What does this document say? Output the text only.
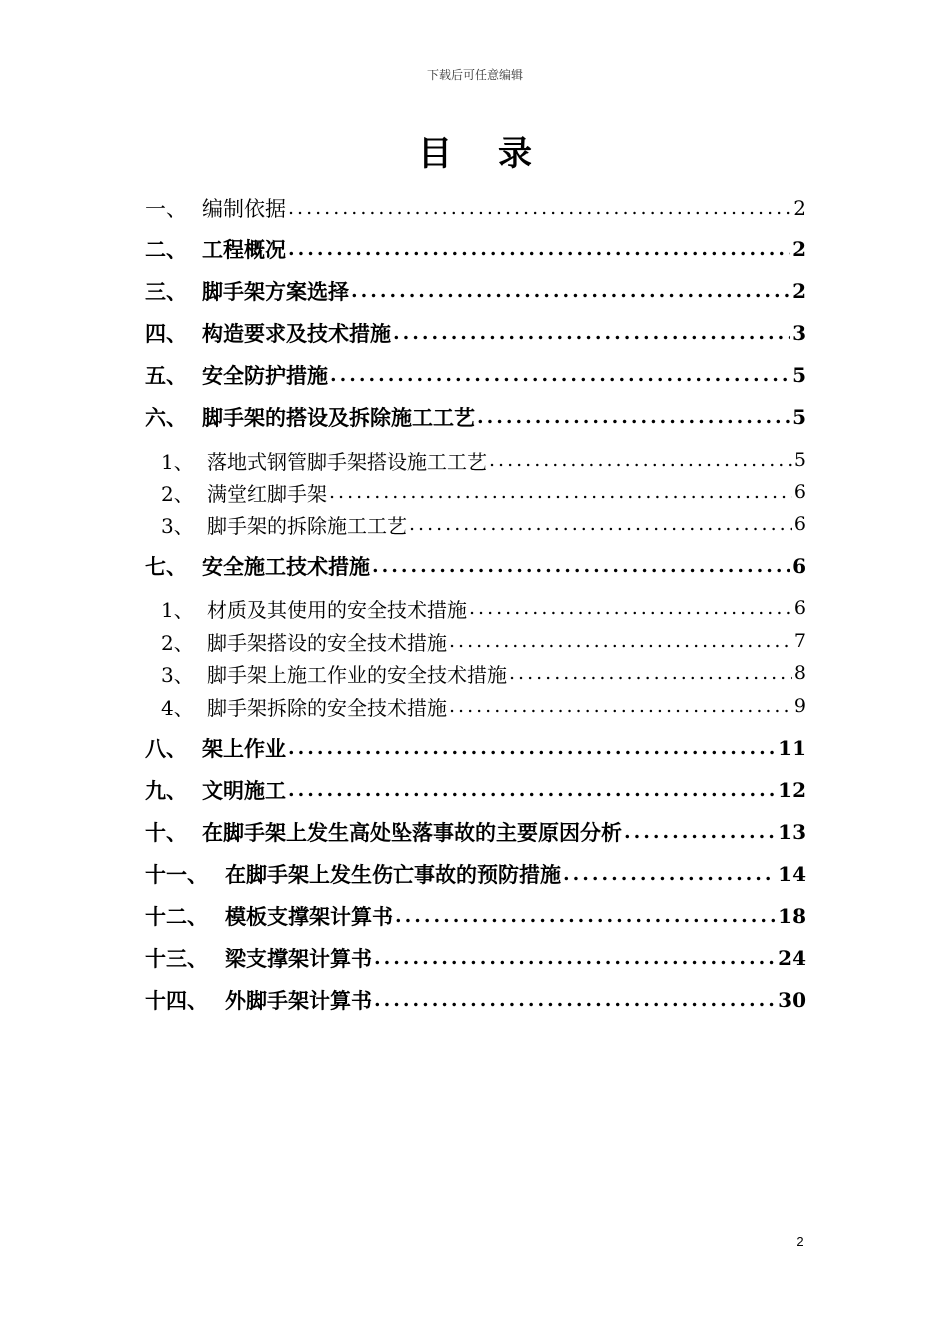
下载后可任意编辑
目录
一、 编制依据 .....	2
二、 工程概况 .....	2
三、 脚手架方案选择 .....	2
四、 构造要求及技术措施 .....	3
五、 安全防护措施 .....	5
六、 脚手架的搭设及拆除施工工艺 .....	5
1、 落地式钢管脚手架搭设施工工艺 .....	5
2、 满堂红脚手架 .....	6
3、 脚手架的拆除施工工艺 .....	6
七、 安全施工技术措施 .....	6
1、 材质及其使用的安全技术措施 .....	6
2、 脚手架搭设的安全技术措施 .....	7
3、 脚手架上施工作业的安全技术措施 .....	8
4、 脚手架拆除的安全技术措施 .....	9
八、 架上作业 .....	11
九、 文明施工 .....	12
十、 在脚手架上发生高处坠落事故的主要原因分析 .....	13
十一、 在脚手架上发生伤亡事故的预防措施 .....	14
十二、 模板支撑架计算书 .....	18
十三、 梁支撑架计算书 .....	24
十四、 外脚手架计算书 .....	30
2
